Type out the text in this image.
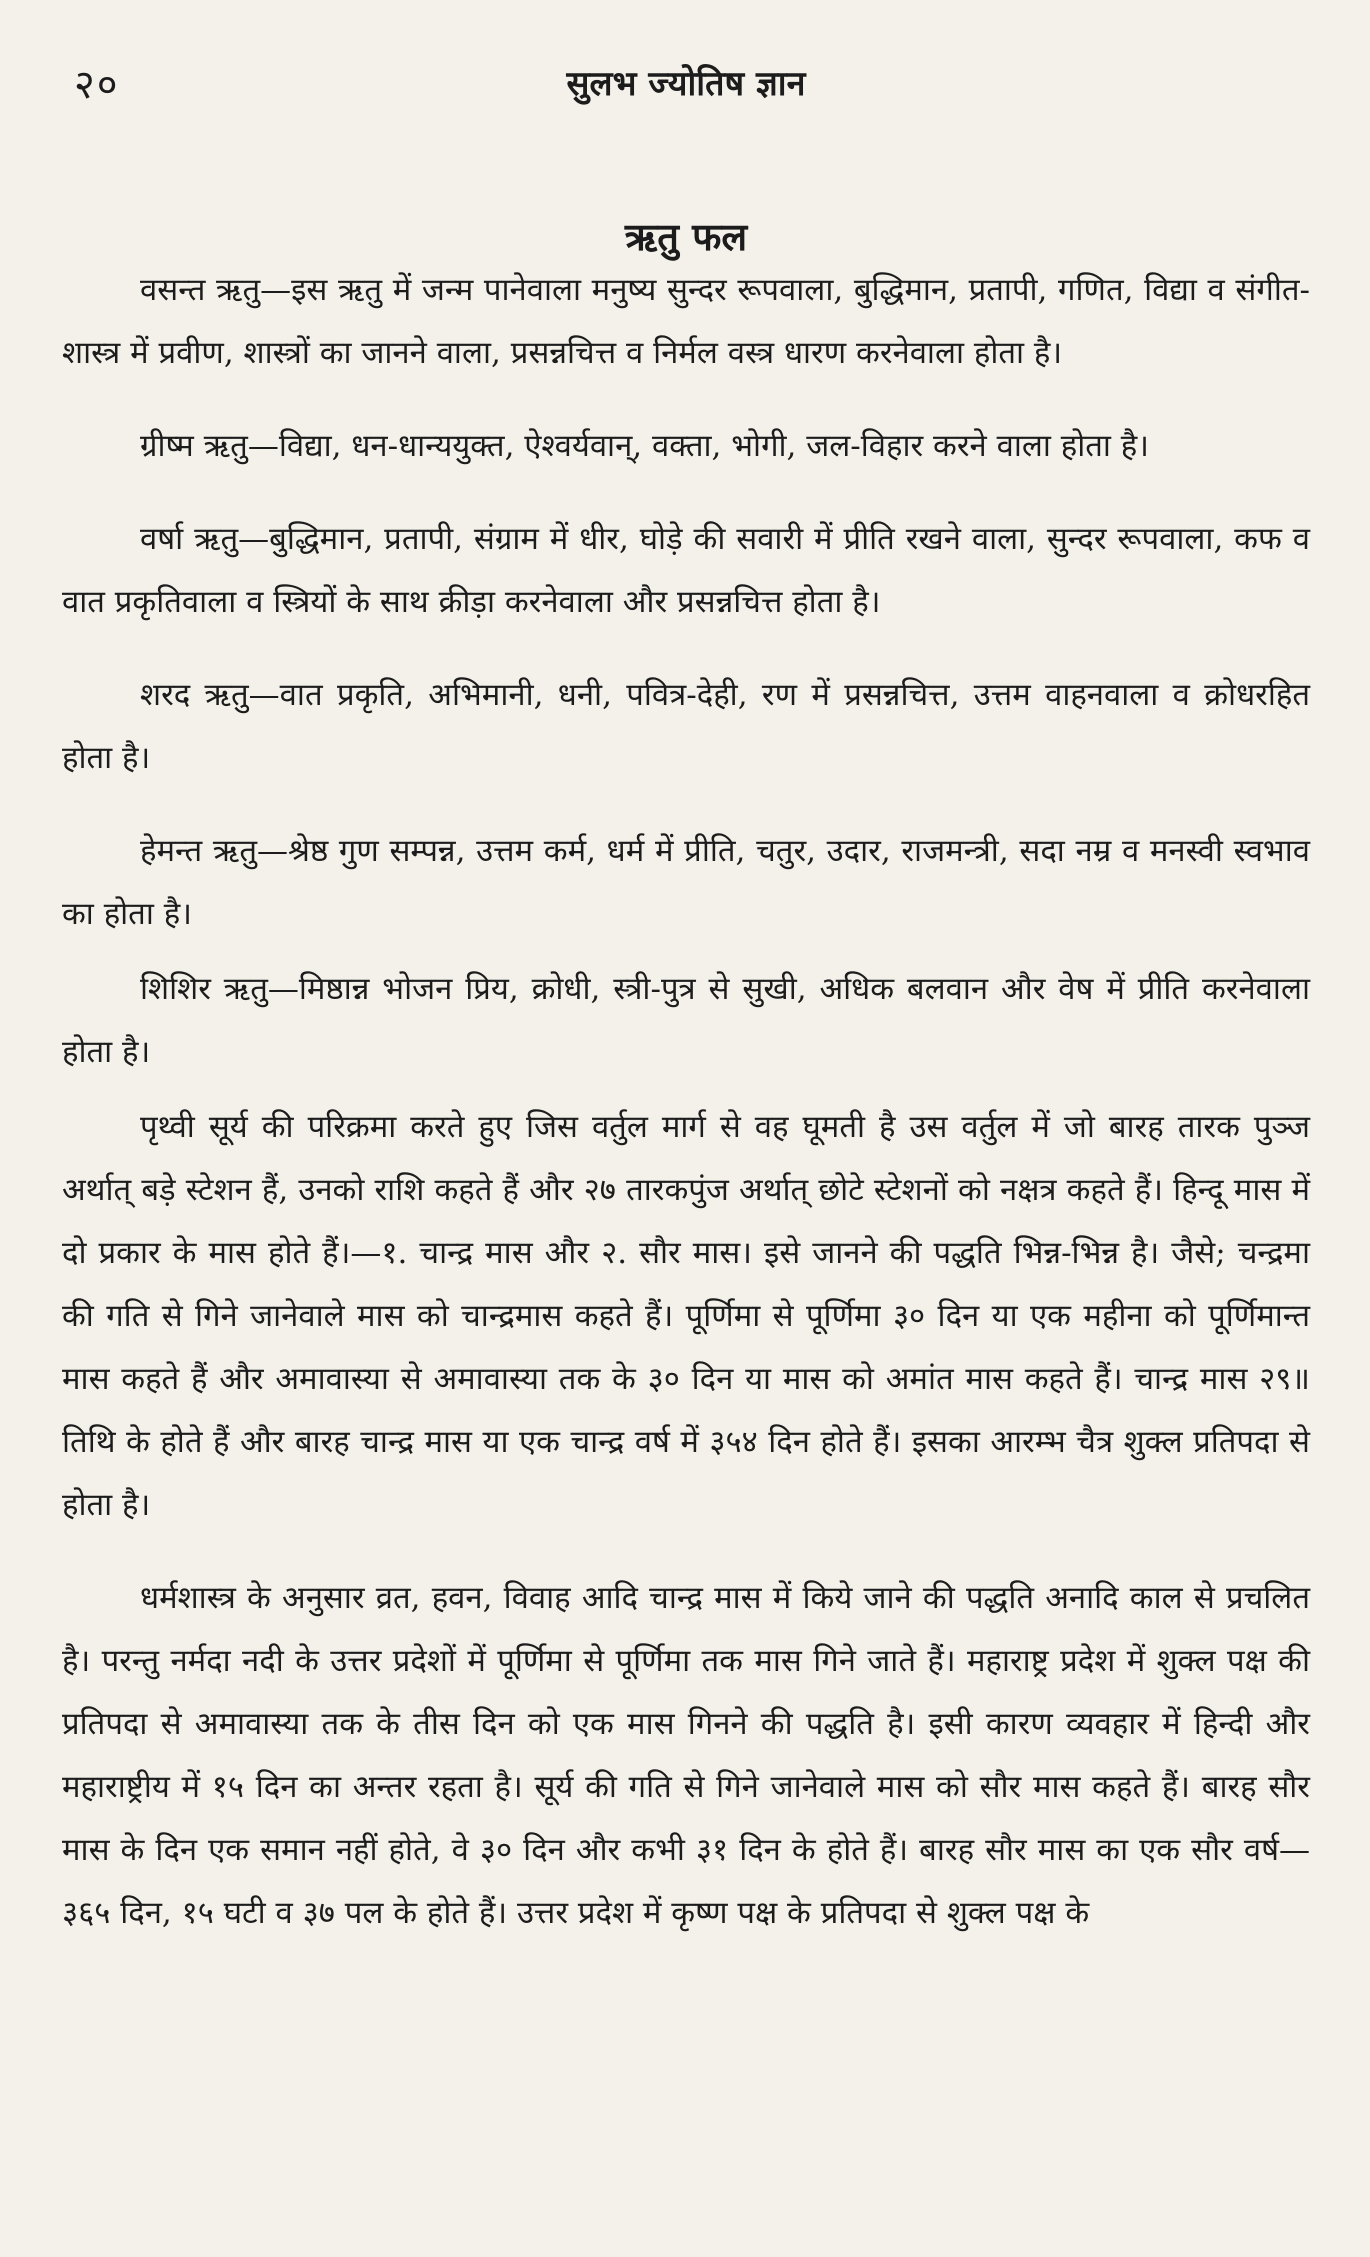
२०	सुलभ ज्योतिष ज्ञान
ऋतु फल

वसन्त ऋतु—इस ऋतु में जन्म पानेवाला मनुष्य सुन्दर रूपवाला, बुद्धिमान, प्रतापी, गणित, विद्या व संगीत-शास्त्र में प्रवीण, शास्त्रों का जानने वाला, प्रसन्नचित्त व निर्मल वस्त्र धारण करनेवाला होता है।

ग्रीष्म ऋतु—विद्या, धन-धान्ययुक्त, ऐश्वर्यवान्, वक्ता, भोगी, जल-विहार करने वाला होता है।

वर्षा ऋतु—बुद्धिमान, प्रतापी, संग्राम में धीर, घोड़े की सवारी में प्रीति रखने वाला, सुन्दर रूपवाला, कफ व वात प्रकृतिवाला व स्त्रियों के साथ क्रीड़ा करनेवाला और प्रसन्नचित्त होता है।

शरद ऋतु—वात प्रकृति, अभिमानी, धनी, पवित्र-देही, रण में प्रसन्नचित्त, उत्तम वाहनवाला व क्रोधरहित होता है।

हेमन्त ऋतु—श्रेष्ठ गुण सम्पन्न, उत्तम कर्म, धर्म में प्रीति, चतुर, उदार, राजमन्त्री, सदा नम्र व मनस्वी स्वभाव का होता है।

शिशिर ऋतु—मिष्ठान्न भोजन प्रिय, क्रोधी, स्त्री-पुत्र से सुखी, अधिक बलवान और वेष में प्रीति करनेवाला होता है।

पृथ्वी सूर्य की परिक्रमा करते हुए जिस वर्तुल मार्ग से वह घूमती है उस वर्तुल में जो बारह तारक पुञ्ज अर्थात् बड़े स्टेशन हैं, उनको राशि कहते हैं और २७ तारकपुंज अर्थात् छोटे स्टेशनों को नक्षत्र कहते हैं। हिन्दू मास में दो प्रकार के मास होते हैं।—१. चान्द्र मास और २. सौर मास। इसे जानने की पद्धति भिन्न-भिन्न है। जैसे; चन्द्रमा की गति से गिने जानेवाले मास को चान्द्रमास कहते हैं। पूर्णिमा से पूर्णिमा ३० दिन या एक महीना को पूर्णिमान्त मास कहते हैं और अमावास्या से अमावास्या तक के ३० दिन या मास को अमांत मास कहते हैं। चान्द्र मास २९॥ तिथि के होते हैं और बारह चान्द्र मास या एक चान्द्र वर्ष में ३५४ दिन होते हैं। इसका आरम्भ चैत्र शुक्ल प्रतिपदा से होता है।

धर्मशास्त्र के अनुसार व्रत, हवन, विवाह आदि चान्द्र मास में किये जाने की पद्धति अनादि काल से प्रचलित है। परन्तु नर्मदा नदी के उत्तर प्रदेशों में पूर्णिमा से पूर्णिमा तक मास गिने जाते हैं। महाराष्ट्र प्रदेश में शुक्ल पक्ष की प्रतिपदा से अमावास्या तक के तीस दिन को एक मास गिनने की पद्धति है। इसी कारण व्यवहार में हिन्दी और महाराष्ट्रीय में १५ दिन का अन्तर रहता है। सूर्य की गति से गिने जानेवाले मास को सौर मास कहते हैं। बारह सौर मास के दिन एक समान नहीं होते, वे ३० दिन और कभी ३१ दिन के होते हैं। बारह सौर मास का एक सौर वर्ष—३६५ दिन, १५ घटी व ३७ पल के होते हैं। उत्तर प्रदेश में कृष्ण पक्ष के प्रतिपदा से शुक्ल पक्ष के
